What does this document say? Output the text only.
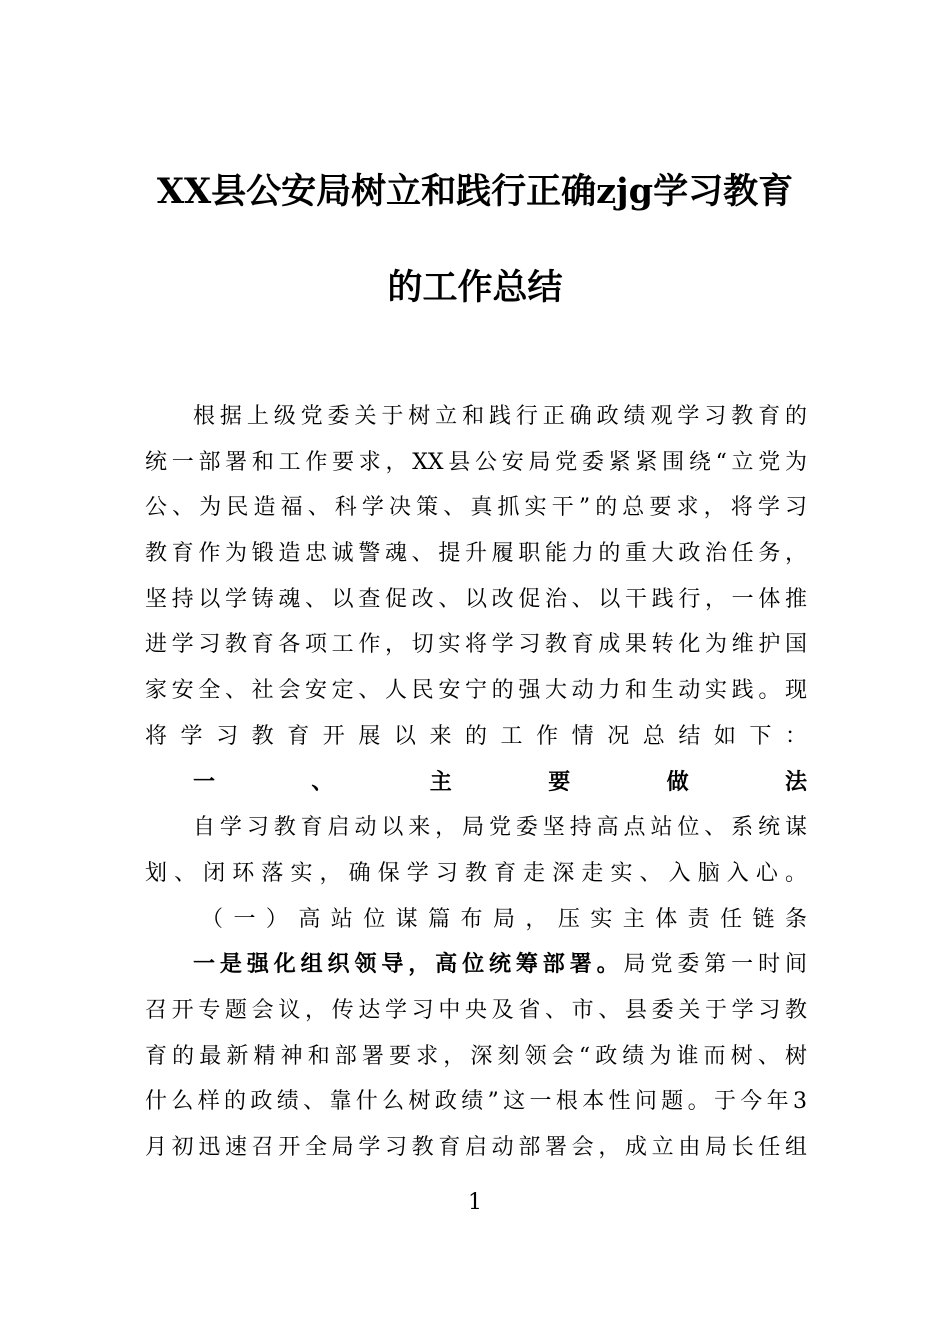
XX县公安局树立和践行正确zjg学习教育
的工作总结
根据上级党委关于树立和践行正确政绩观学习教育的
统一部署和工作要求，XX县公安局党委紧紧围绕“立党为
公、为民造福、科学决策、真抓实干”的总要求，将学习
教育作为锻造忠诚警魂、提升履职能力的重大政治任务，
坚持以学铸魂、以查促改、以改促治、以干践行，一体推
进学习教育各项工作，切实将学习教育成果转化为维护国
家安全、社会安定、人民安宁的强大动力和生动实践。现
将学习教育开展以来的工作情况总结如下：
一、主要做法
自学习教育启动以来，局党委坚持高点站位、系统谋
划、闭环落实，确保学习教育走深走实、入脑入心。
（一）高站位谋篇布局，压实主体责任链条
一是强化组织领导，高位统筹部署。局党委第一时间
召开专题会议，传达学习中央及省、市、县委关于学习教
育的最新精神和部署要求，深刻领会“政绩为谁而树、树
什么样的政绩、靠什么树政绩”这一根本性问题。于今年3
月初迅速召开全局学习教育启动部署会，成立由局长任组
1
